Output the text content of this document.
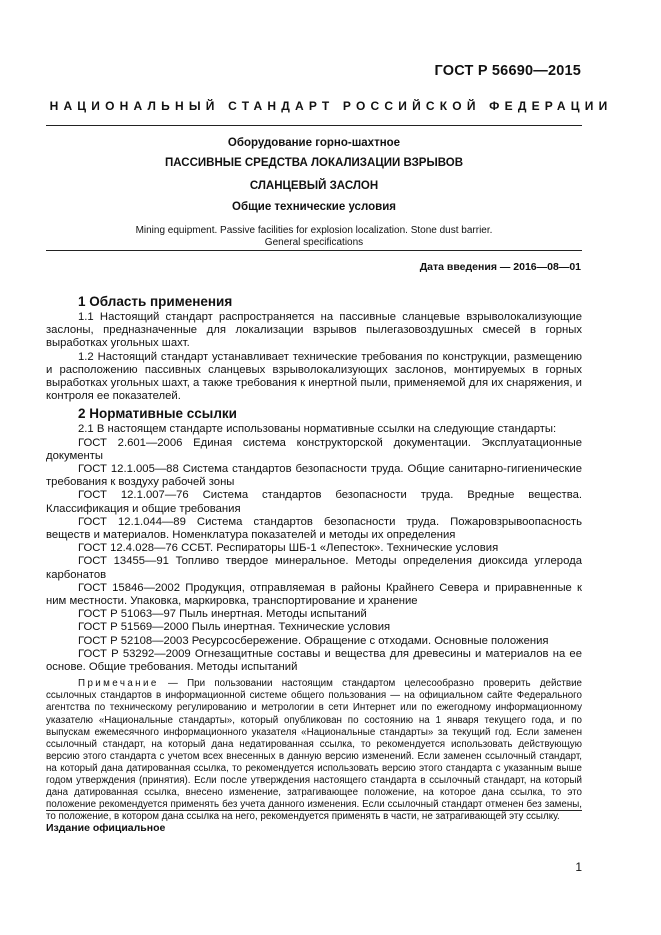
ГОСТ Р 56690—2015
НАЦИОНАЛЬНЫЙ СТАНДАРТ РОССИЙСКОЙ ФЕДЕРАЦИИ

Оборудование горно-шахтное

ПАССИВНЫЕ СРЕДСТВА ЛОКАЛИЗАЦИИ ВЗРЫВОВ

СЛАНЦЕВЫЙ ЗАСЛОН

Общие технические условия

Mining equipment. Passive facilities for explosion localization. Stone dust barrier.
General specifications

Дата введения — 2016—08—01
1 Область применения

1.1 Настоящий стандарт распространяется на пассивные сланцевые взрыволокализующие заслоны, предназначенные для локализации взрывов пылегазовоздушных смесей в горных выработках угольных шахт.

1.2 Настоящий стандарт устанавливает технические требования по конструкции, размещению и расположению пассивных сланцевых взрыволокализующих заслонов, монтируемых в горных выработках угольных шахт, а также требования к инертной пыли, применяемой для их снаряжения, и контроля ее показателей.

2 Нормативные ссылки

2.1 В настоящем стандарте использованы нормативные ссылки на следующие стандарты:

ГОСТ 2.601—2006 Единая система конструкторской документации. Эксплуатационные документы

ГОСТ 12.1.005—88 Система стандартов безопасности труда. Общие санитарно-гигиенические требования к воздуху рабочей зоны

ГОСТ 12.1.007—76 Система стандартов безопасности труда. Вредные вещества. Классификация и общие требования

ГОСТ 12.1.044—89 Система стандартов безопасности труда. Пожаровзрывоопасность веществ и материалов. Номенклатура показателей и методы их определения

ГОСТ 12.4.028—76 ССБТ. Респираторы ШБ-1 «Лепесток». Технические условия

ГОСТ 13455—91 Топливо твердое минеральное. Методы определения диоксида углерода карбонатов

ГОСТ 15846—2002 Продукция, отправляемая в районы Крайнего Севера и приравненные к ним местности. Упаковка, маркировка, транспортирование и хранение

ГОСТ Р 51063—97 Пыль инертная. Методы испытаний

ГОСТ Р 51569—2000 Пыль инертная. Технические условия

ГОСТ Р 52108—2003 Ресурсосбережение. Обращение с отходами. Основные положения

ГОСТ Р 53292—2009 Огнезащитные составы и вещества для древесины и материалов на ее основе. Общие требования. Методы испытаний

Примечание — При пользовании настоящим стандартом целесообразно проверить действие ссылочных стандартов в информационной системе общего пользования — на официальном сайте Федерального агентства по техническому регулированию и метрологии в сети Интернет или по ежегодному информационному указателю «Национальные стандарты», который опубликован по состоянию на 1 января текущего года, и по выпускам ежемесячного информационного указателя «Национальные стандарты» за текущий год. Если заменен ссылочный стандарт, на который дана недатированная ссылка, то рекомендуется использовать действующую версию этого стандарта с учетом всех внесенных в данную версию изменений. Если заменен ссылочный стандарт, на который дана датированная ссылка, то рекомендуется использовать версию этого стандарта с указанным выше годом утверждения (принятия). Если после утверждения настоящего стандарта в ссылочный стандарт, на который дана датированная ссылка, внесено изменение, затрагивающее положение, на которое дана ссылка, то это положение рекомендуется применять без учета данного изменения. Если ссылочный стандарт отменен без замены, то положение, в котором дана ссылка на него, рекомендуется применять в части, не затрагивающей эту ссылку.

Издание официальное
1
